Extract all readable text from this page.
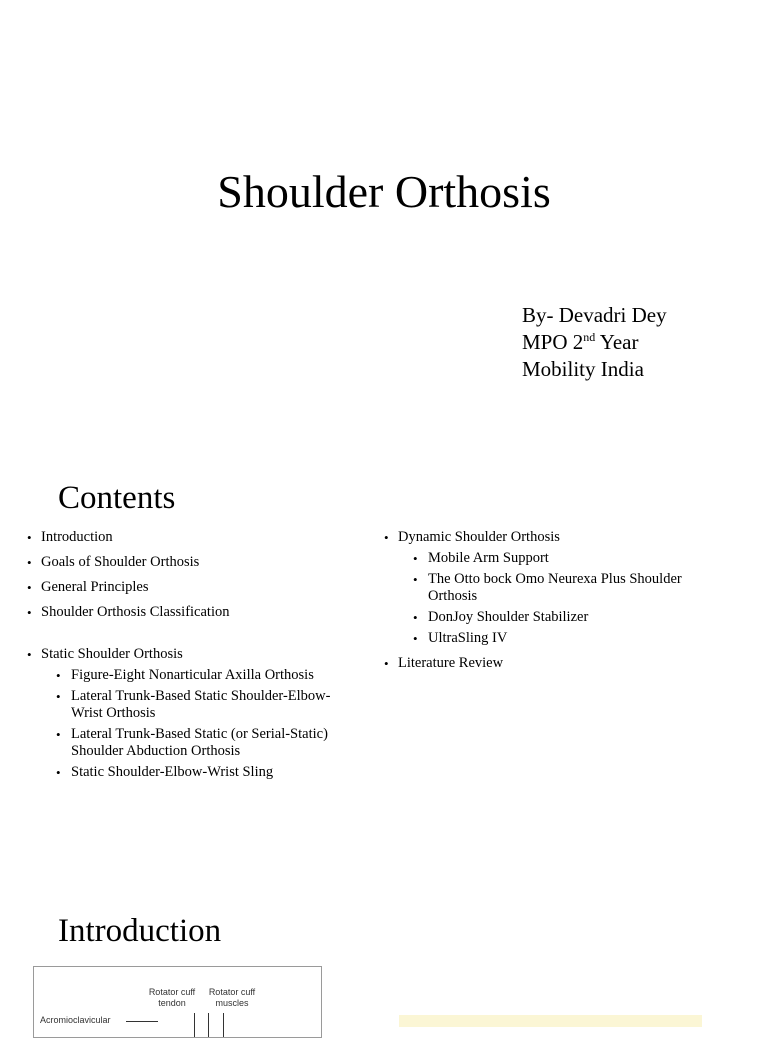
Shoulder Orthosis
By- Devadri Dey
MPO 2nd Year
Mobility India
Contents
• Introduction
• Goals of Shoulder Orthosis
• General Principles
• Shoulder Orthosis Classification
• Static Shoulder Orthosis
• Figure-Eight Nonarticular Axilla Orthosis
• Lateral Trunk-Based Static Shoulder-Elbow-Wrist Orthosis
• Lateral Trunk-Based Static (or Serial-Static) Shoulder Abduction Orthosis
• Static Shoulder-Elbow-Wrist Sling
• Dynamic Shoulder Orthosis
• Mobile Arm Support
• The Otto bock Omo Neurexa Plus Shoulder Orthosis
• DonJoy Shoulder Stabilizer
• UltraSling IV
• Literature Review
Introduction
Rotator cuff tendon
Rotator cuff muscles
Acromioclavicular
